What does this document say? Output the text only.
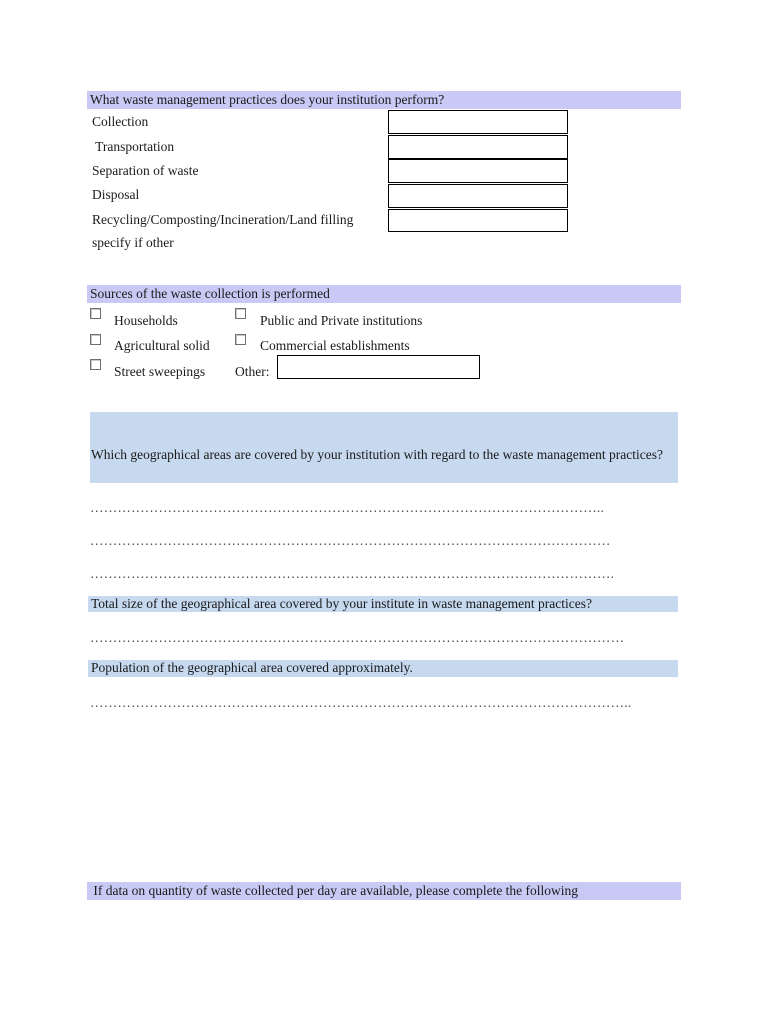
What waste management practices does your institution perform?
Collection
Transportation
Separation of waste
Disposal
Recycling/Composting/Incineration/Land filling
specify if other
Sources of the waste collection is performed
Households	Public and Private institutions
Agricultural solid	Commercial establishments
Street sweepings Other:
Which geographical areas are covered by your institution with regard to the waste management practices?
…………………………………………………………………………………………………..
……………………………………………………………………………………………………
…………………………………………………………………………………………………….
Total size of the geographical area covered by your institute in waste management practices?
………………………………………………………………………………………………………
Population of the geographical area covered approximately.
………………………………………………………………………………………………………..
If data on quantity of waste collected per day are available, please complete the following
